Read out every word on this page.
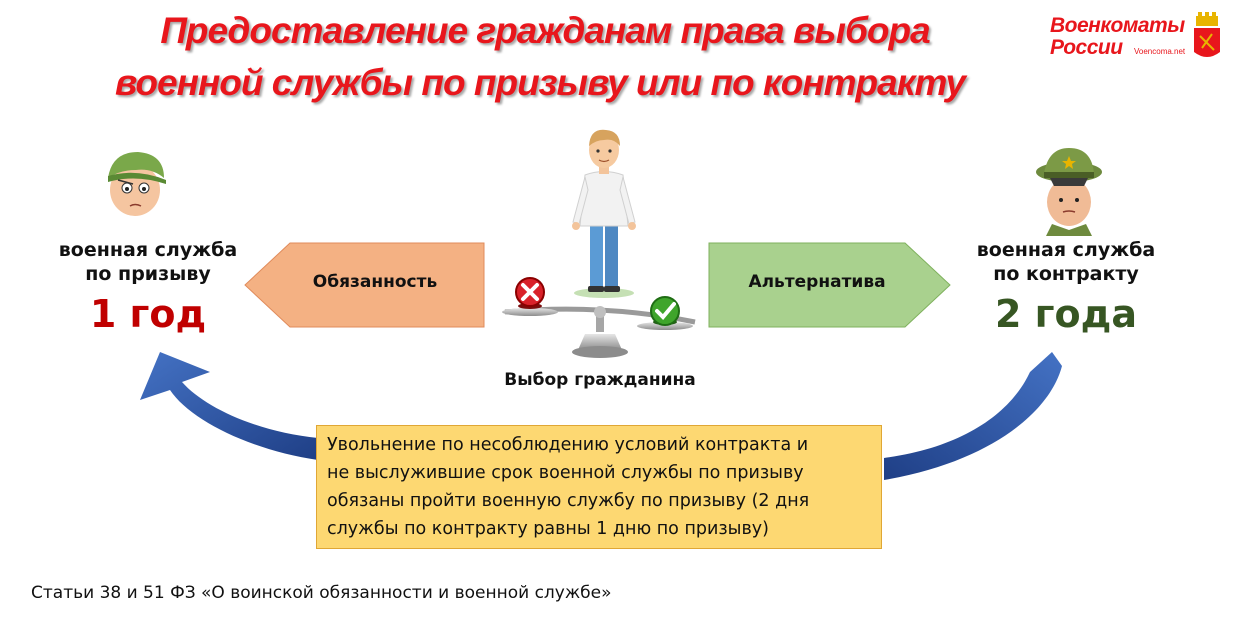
Предоставление гражданам права выбора
военной службы по призыву или по контракту
Военкоматы
России Voencoma.net
военная служба
по призыву
1 год
военная служба
по контракту
2 года
Обязанность	Альтернатива
Выбор гражданина
Увольнение по несоблюдению условий контракта и
не выслужившие срок военной службы по призыву
обязаны пройти военную службу по призыву (2 дня
службы по контракту равны 1 дню по призыву)
Статьи 38 и 51 ФЗ «О воинской обязанности и военной службе»
